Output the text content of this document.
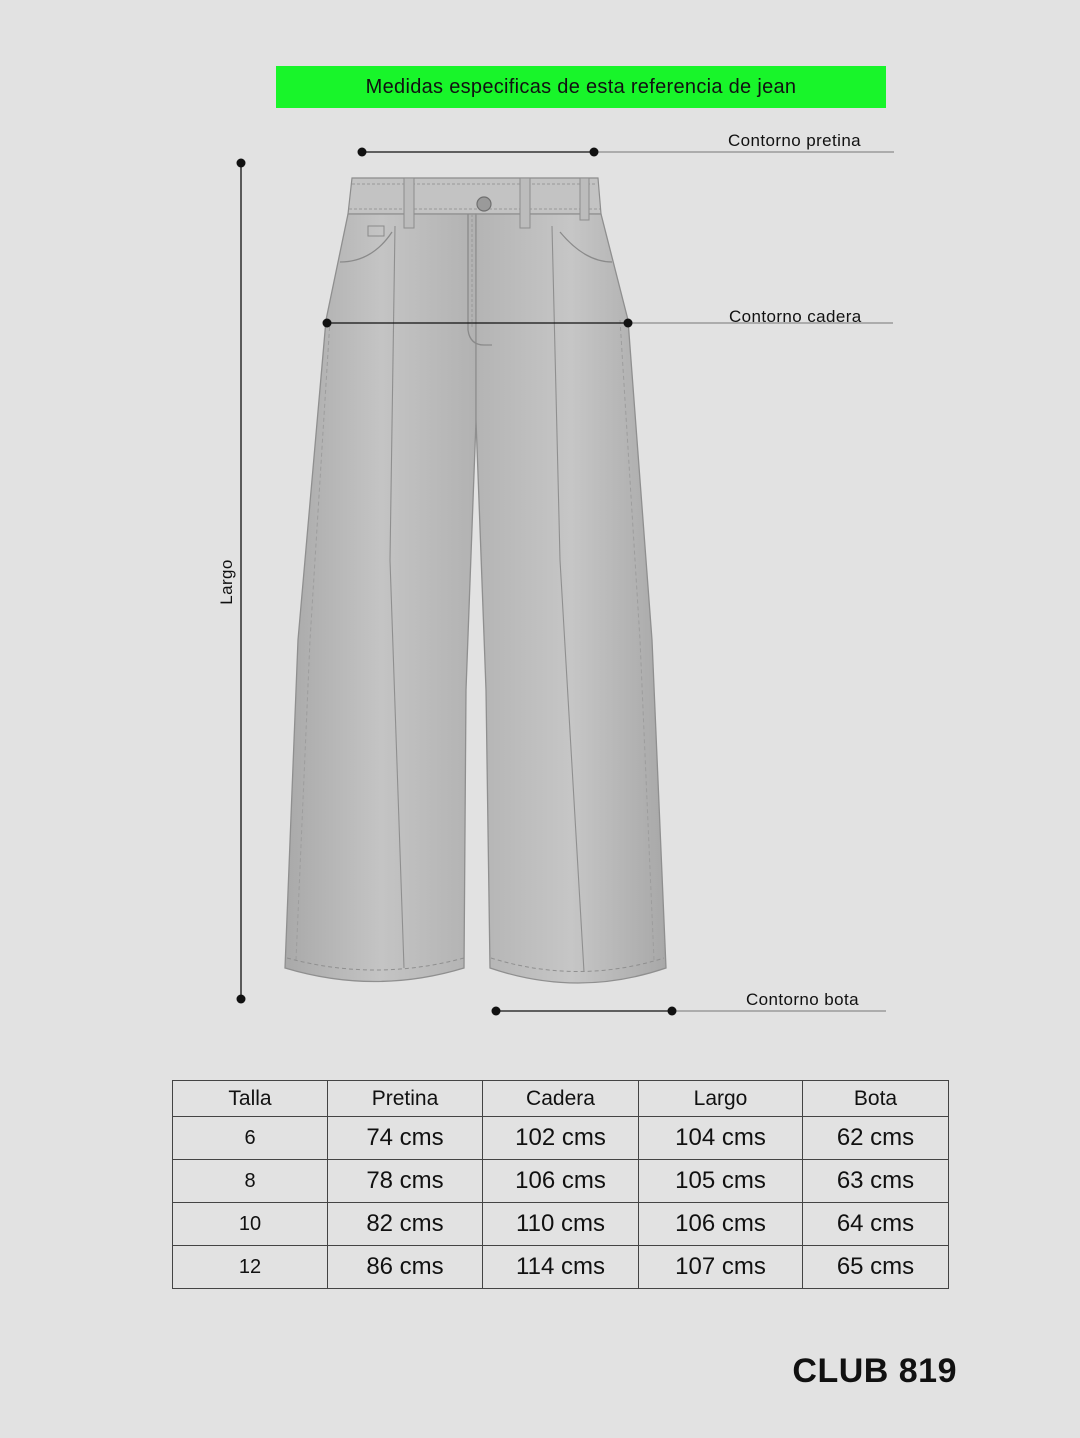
Medidas especificas de esta referencia de jean
Contorno pretina
Contorno cadera
Contorno bota
Largo
Talla	Pretina	Cadera	Largo	Bota
6	74 cms	102 cms	104 cms	62 cms
8	78 cms	106 cms	105 cms	63 cms
10	82 cms	110 cms	106 cms	64 cms
12	86 cms	114 cms	107 cms	65 cms
CLUB 819
